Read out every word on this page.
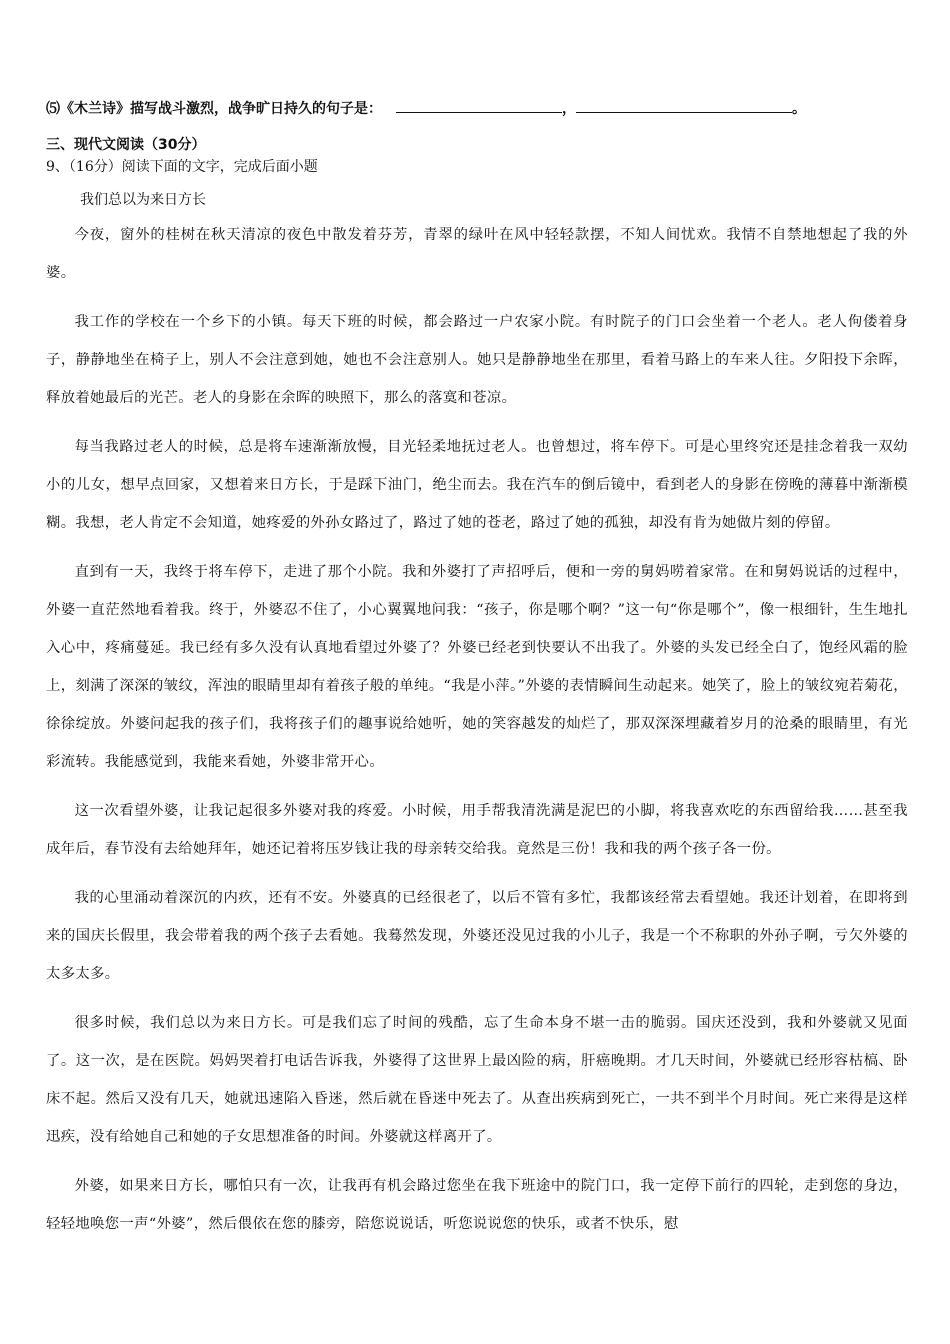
⑸《木兰诗》描写战斗激烈，战争旷日持久的句子是：	，	。
三、现代文阅读（30分）
9、（16分）阅读下面的文字，完成后面小题
我们总以为来日方长

今夜，窗外的桂树在秋天清凉的夜色中散发着芬芳，青翠的绿叶在风中轻轻款摆，不知人间忧欢。我情不自禁地想起了我的外婆。

我工作的学校在一个乡下的小镇。每天下班的时候，都会路过一户农家小院。有时院子的门口会坐着一个老人。老人佝偻着身子，静静地坐在椅子上，别人不会注意到她，她也不会注意别人。她只是静静地坐在那里，看着马路上的车来人往。夕阳投下余晖，释放着她最后的光芒。老人的身影在余晖的映照下，那么的落寞和苍凉。

每当我路过老人的时候，总是将车速渐渐放慢，目光轻柔地抚过老人。也曾想过，将车停下。可是心里终究还是挂念着我一双幼小的儿女，想早点回家，又想着来日方长，于是踩下油门，绝尘而去。我在汽车的倒后镜中，看到老人的身影在傍晚的薄暮中渐渐模糊。我想，老人肯定不会知道，她疼爱的外孙女路过了，路过了她的苍老，路过了她的孤独，却没有肯为她做片刻的停留。

直到有一天，我终于将车停下，走进了那个小院。我和外婆打了声招呼后，便和一旁的舅妈唠着家常。在和舅妈说话的过程中，外婆一直茫然地看着我。终于，外婆忍不住了，小心翼翼地问我：“孩子，你是哪个啊？”这一句“你是哪个”，像一根细针，生生地扎入心中，疼痛蔓延。我已经有多久没有认真地看望过外婆了？外婆已经老到快要认不出我了。外婆的头发已经全白了，饱经风霜的脸上，刻满了深深的皱纹，浑浊的眼睛里却有着孩子般的单纯。“我是小萍。”外婆的表情瞬间生动起来。她笑了，脸上的皱纹宛若菊花，徐徐绽放。外婆问起我的孩子们，我将孩子们的趣事说给她听，她的笑容越发的灿烂了，那双深深埋藏着岁月的沧桑的眼睛里，有光彩流转。我能感觉到，我能来看她，外婆非常开心。

这一次看望外婆，让我记起很多外婆对我的疼爱。小时候，用手帮我清洗满是泥巴的小脚，将我喜欢吃的东西留给我……甚至我成年后，春节没有去给她拜年，她还记着将压岁钱让我的母亲转交给我。竟然是三份！我和我的两个孩子各一份。

我的心里涌动着深沉的内疚，还有不安。外婆真的已经很老了，以后不管有多忙，我都该经常去看望她。我还计划着，在即将到来的国庆长假里，我会带着我的两个孩子去看她。我蓦然发现，外婆还没见过我的小儿子，我是一个不称职的外孙子啊，亏欠外婆的太多太多。

很多时候，我们总以为来日方长。可是我们忘了时间的残酷，忘了生命本身不堪一击的脆弱。国庆还没到，我和外婆就又见面了。这一次，是在医院。妈妈哭着打电话告诉我，外婆得了这世界上最凶险的病，肝癌晚期。才几天时间，外婆就已经形容枯槁、卧床不起。然后又没有几天，她就迅速陷入昏迷，然后就在昏迷中死去了。从查出疾病到死亡，一共不到半个月时间。死亡来得是这样迅疾，没有给她自己和她的子女思想准备的时间。外婆就这样离开了。

外婆，如果来日方长，哪怕只有一次，让我再有机会路过您坐在我下班途中的院门口，我一定停下前行的四轮，走到您的身边，轻轻地唤您一声“外婆”，然后偎依在您的膝旁，陪您说说话，听您说说您的快乐，或者不快乐，慰
